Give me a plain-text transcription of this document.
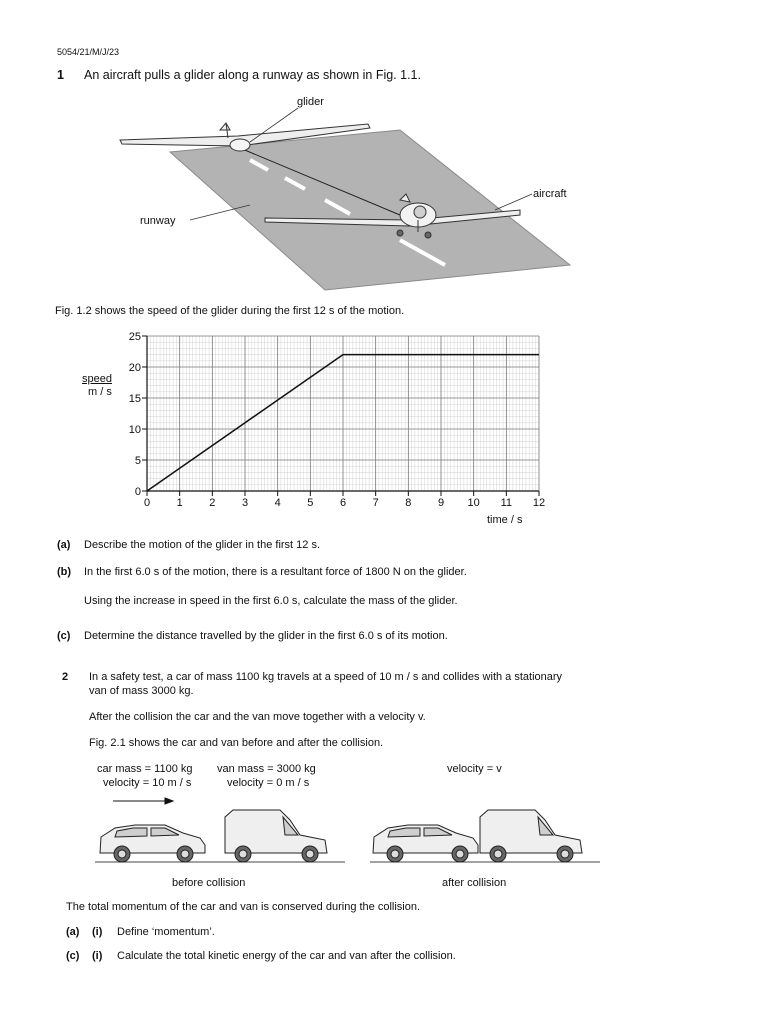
5054/21/M/J/23
1 An aircraft pulls a glider along a runway as shown in Fig. 1.1.
glider
aircraft
runway
Fig. 1.2 shows the speed of the glider during the first 12 s of the motion.
0 1 2 3 4 5 6 7 8 9 10 11 12
0
5
10
15
20
25
speed
m / s
time / s
(a) Describe the motion of the glider in the first 12 s.
(b) In the first 6.0 s of the motion, there is a resultant force of 1800 N on the glider.
Using the increase in speed in the first 6.0 s, calculate the mass of the glider.
(c) Determine the distance travelled by the glider in the first 6.0 s of its motion.
2 In a safety test, a car of mass 1100 kg travels at a speed of 10 m / s and collides with a stationary
van of mass 3000 kg.
After the collision the car and the van move together with a velocity v.
Fig. 2.1 shows the car and van before and after the collision.
car mass = 1100 kg
velocity = 10 m / s
van mass = 3000 kg
velocity = 0 m / s
velocity = v
before collision	after collision
The total momentum of the car and van is conserved during the collision.
(a) (i) Define ‘momentum’.
(c) (i) Calculate the total kinetic energy of the car and van after the collision.
